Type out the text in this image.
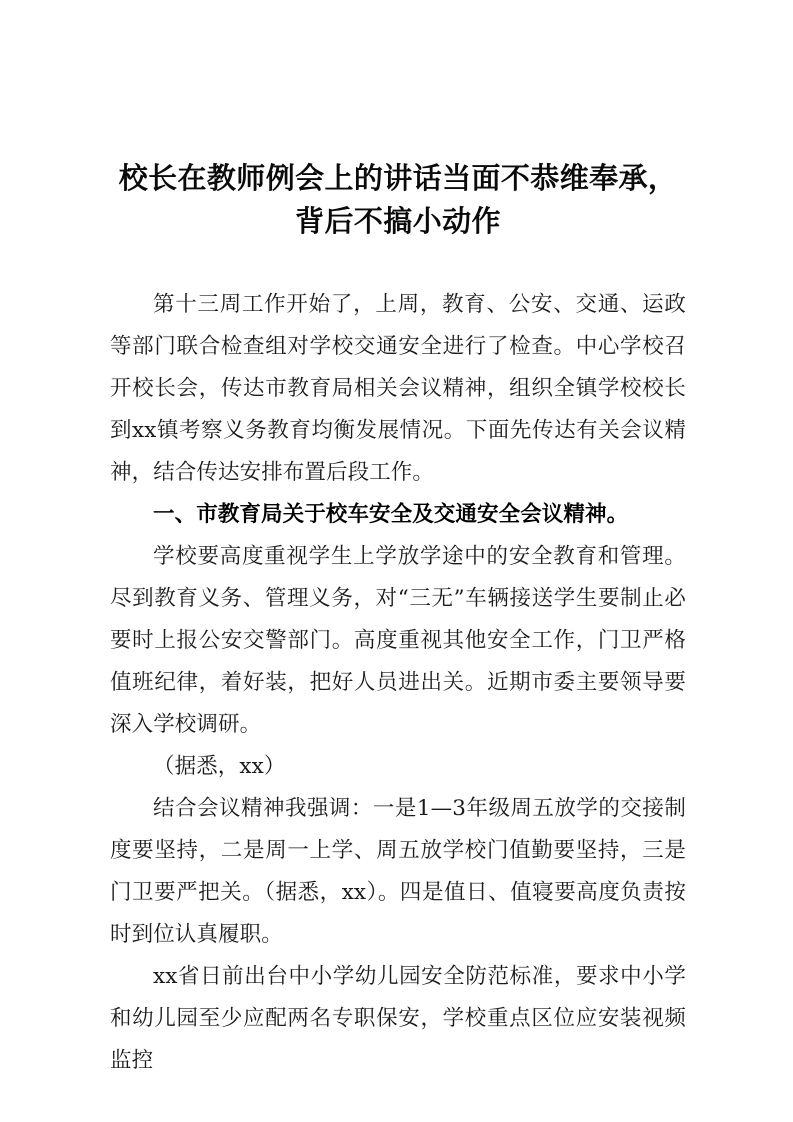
校长在教师例会上的讲话当面不恭维奉承，背后不搞小动作

第十三周工作开始了，上周，教育、公安、交通、运政等部门联合检查组对学校交通安全进行了检查。中心学校召开校长会，传达市教育局相关会议精神，组织全镇学校校长到xx镇考察义务教育均衡发展情况。下面先传达有关会议精神，结合传达安排布置后段工作。

一、市教育局关于校车安全及交通安全会议精神。

学校要高度重视学生上学放学途中的安全教育和管理。尽到教育义务、管理义务，对“三无”车辆接送学生要制止必要时上报公安交警部门。高度重视其他安全工作，门卫严格值班纪律，着好装，把好人员进出关。近期市委主要领导要深入学校调研。

（据悉，xx）

结合会议精神我强调：一是1—3年级周五放学的交接制度要坚持，二是周一上学、周五放学校门值勤要坚持，三是门卫要严把关。（据悉，xx）。四是值日、值寝要高度负责按时到位认真履职。

xx省日前出台中小学幼儿园安全防范标准，要求中小学和幼儿园至少应配两名专职保安，学校重点区位应安装视频监控
